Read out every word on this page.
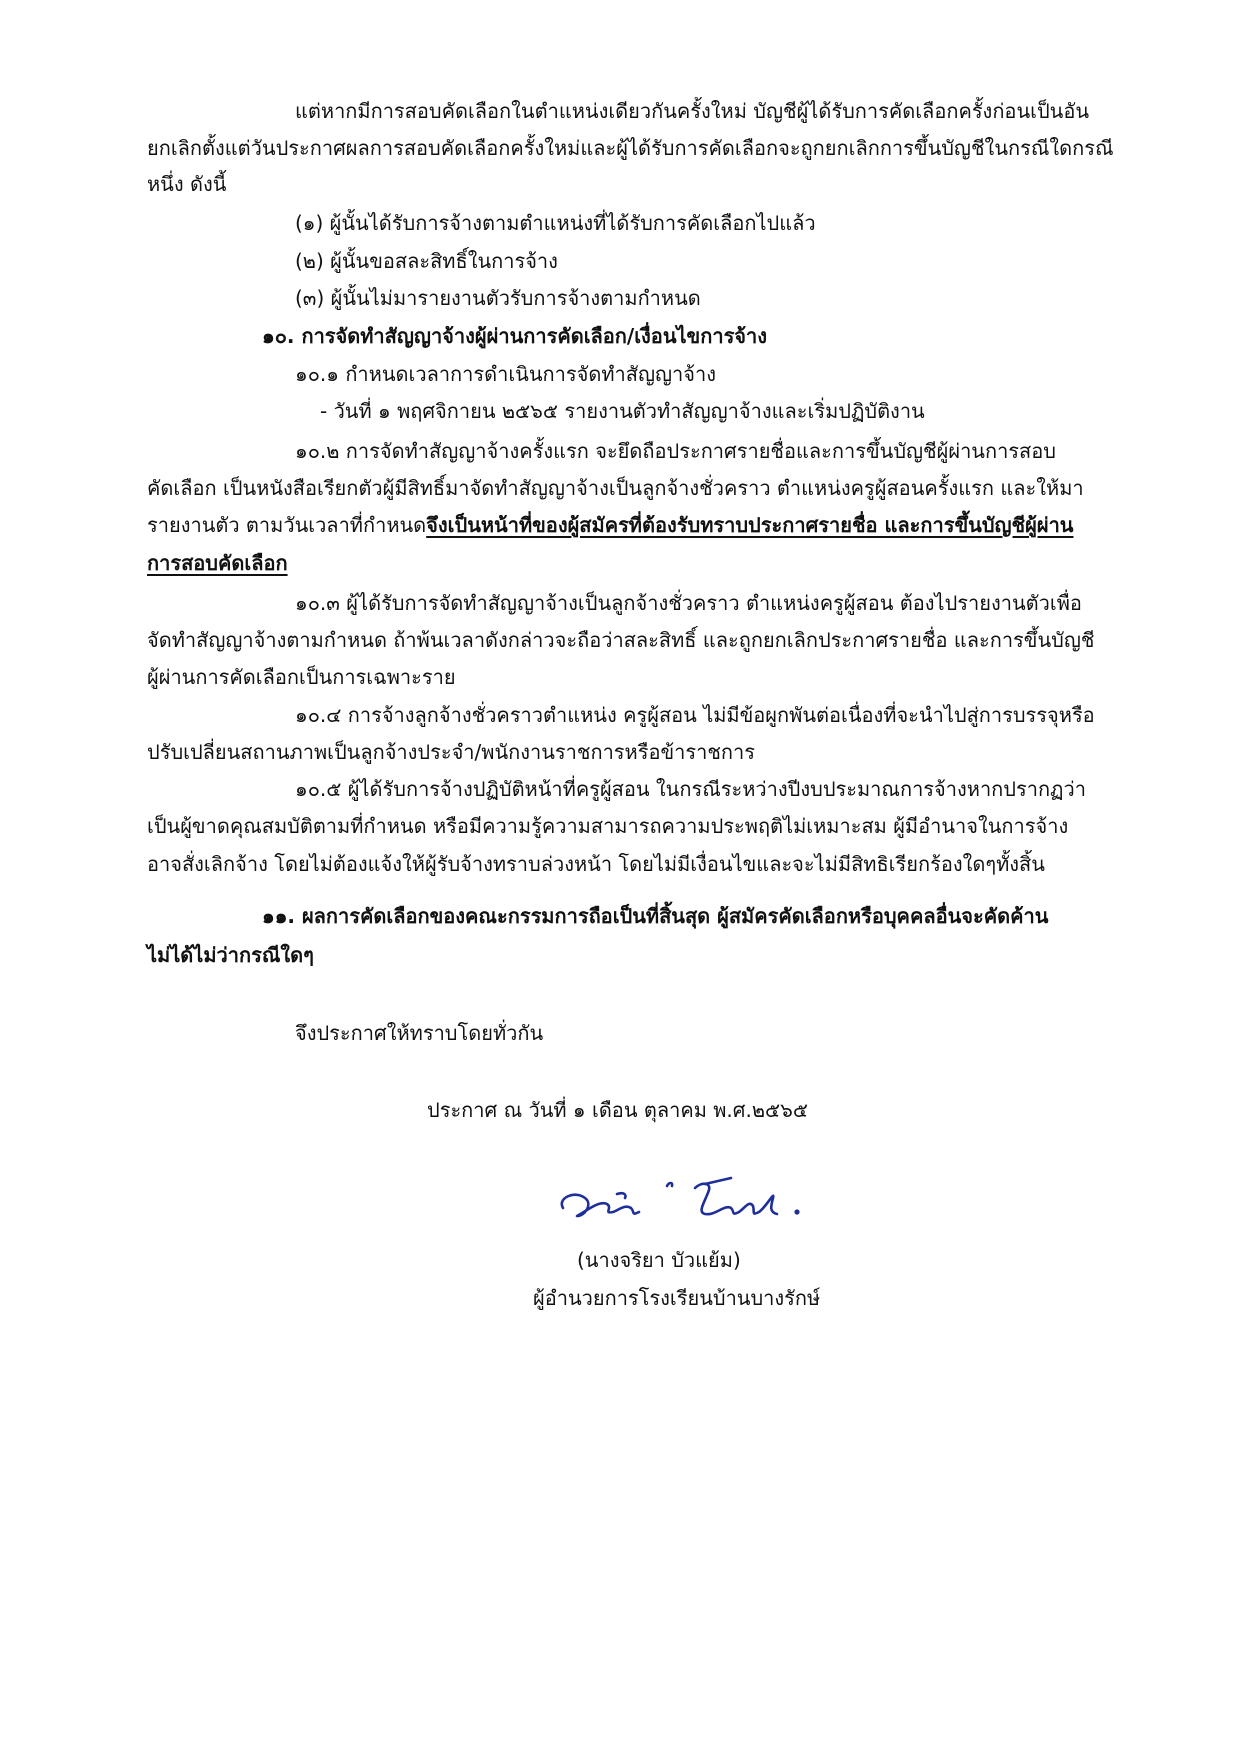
แต่หากมีการสอบคัดเลือกในตำแหน่งเดียวกันครั้งใหม่ บัญชีผู้ได้รับการคัดเลือกครั้งก่อนเป็นอัน
ยกเลิกตั้งแต่วันประกาศผลการสอบคัดเลือกครั้งใหม่และผู้ได้รับการคัดเลือกจะถูกยกเลิกการขึ้นบัญชีในกรณีใดกรณี
หนึ่ง ดังนี้
(๑) ผู้นั้นได้รับการจ้างตามตำแหน่งที่ได้รับการคัดเลือกไปแล้ว
(๒) ผู้นั้นขอสละสิทธิ์ในการจ้าง
(๓) ผู้นั้นไม่มารายงานตัวรับการจ้างตามกำหนด
๑๐. การจัดทำสัญญาจ้างผู้ผ่านการคัดเลือก/เงื่อนไขการจ้าง
๑๐.๑ กำหนดเวลาการดำเนินการจัดทำสัญญาจ้าง
- วันที่ ๑ พฤศจิกายน ๒๕๖๕ รายงานตัวทำสัญญาจ้างและเริ่มปฏิบัติงาน
๑๐.๒ การจัดทำสัญญาจ้างครั้งแรก จะยึดถือประกาศรายชื่อและการขึ้นบัญชีผู้ผ่านการสอบ
คัดเลือก เป็นหนังสือเรียกตัวผู้มีสิทธิ์มาจัดทำสัญญาจ้างเป็นลูกจ้างชั่วคราว ตำแหน่งครูผู้สอนครั้งแรก และให้มา
รายงานตัว ตามวันเวลาที่กำหนดจึงเป็นหน้าที่ของผู้สมัครที่ต้องรับทราบประกาศรายชื่อ และการขึ้นบัญชีผู้ผ่าน
การสอบคัดเลือก
๑๐.๓ ผู้ได้รับการจัดทำสัญญาจ้างเป็นลูกจ้างชั่วคราว ตำแหน่งครูผู้สอน ต้องไปรายงานตัวเพื่อ
จัดทำสัญญาจ้างตามกำหนด ถ้าพ้นเวลาดังกล่าวจะถือว่าสละสิทธิ์ และถูกยกเลิกประกาศรายชื่อ และการขึ้นบัญชี
ผู้ผ่านการคัดเลือกเป็นการเฉพาะราย
๑๐.๔ การจ้างลูกจ้างชั่วคราวตำแหน่ง ครูผู้สอน ไม่มีข้อผูกพันต่อเนื่องที่จะนำไปสู่การบรรจุหรือ
ปรับเปลี่ยนสถานภาพเป็นลูกจ้างประจำ/พนักงานราชการหรือข้าราชการ
๑๐.๕ ผู้ได้รับการจ้างปฏิบัติหน้าที่ครูผู้สอน ในกรณีระหว่างปีงบประมาณการจ้างหากปรากฏว่า
เป็นผู้ขาดคุณสมบัติตามที่กำหนด หรือมีความรู้ความสามารถความประพฤติไม่เหมาะสม ผู้มีอำนาจในการจ้าง
อาจสั่งเลิกจ้าง โดยไม่ต้องแจ้งให้ผู้รับจ้างทราบล่วงหน้า โดยไม่มีเงื่อนไขและจะไม่มีสิทธิเรียกร้องใดๆทั้งสิ้น
๑๑. ผลการคัดเลือกของคณะกรรมการถือเป็นที่สิ้นสุด ผู้สมัครคัดเลือกหรือบุคคลอื่นจะคัดค้าน
ไม่ได้ไม่ว่ากรณีใดๆ
จึงประกาศให้ทราบโดยทั่วกัน
ประกาศ ณ วันที่ ๑ เดือน ตุลาคม พ.ศ.๒๕๖๕
(นางจริยา บัวแย้ม)
ผู้อำนวยการโรงเรียนบ้านบางรักษ์
